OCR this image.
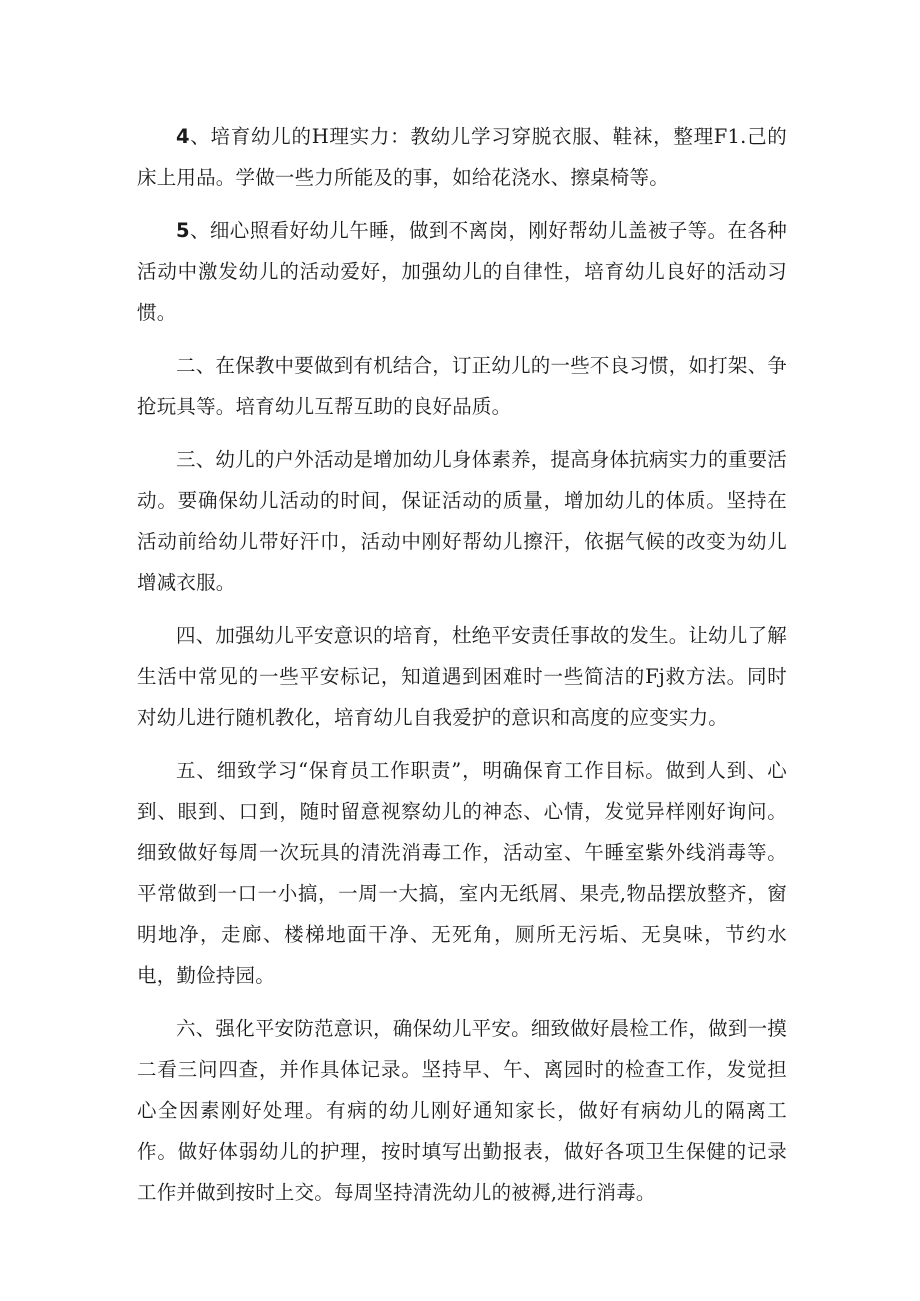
4、培育幼儿的H理实力：教幼儿学习穿脱衣服、鞋袜，整理F1.己的床上用品。学做一些力所能及的事，如给花浇水、擦桌椅等。

5、细心照看好幼儿午睡，做到不离岗，刚好帮幼儿盖被子等。在各种活动中激发幼儿的活动爱好，加强幼儿的自律性，培育幼儿良好的活动习惯。

二、在保教中要做到有机结合，订正幼儿的一些不良习惯，如打架、争抢玩具等。培育幼儿互帮互助的良好品质。

三、幼儿的户外活动是增加幼儿身体素养，提高身体抗病实力的重要活动。要确保幼儿活动的时间，保证活动的质量，增加幼儿的体质。坚持在活动前给幼儿带好汗巾，活动中刚好帮幼儿擦汗，依据气候的改变为幼儿增减衣服。

四、加强幼儿平安意识的培育，杜绝平安责任事故的发生。让幼儿了解生活中常见的一些平安标记，知道遇到困难时一些简洁的Fj救方法。同时对幼儿进行随机教化，培育幼儿自我爱护的意识和高度的应变实力。

五、细致学习“保育员工作职责”，明确保育工作目标。做到人到、心到、眼到、口到，随时留意视察幼儿的神态、心情，发觉异样刚好询问。细致做好每周一次玩具的清洗消毒工作，活动室、午睡室紫外线消毒等。平常做到一口一小搞，一周一大搞，室内无纸屑、果壳,物品摆放整齐，窗明地净，走廊、楼梯地面干净、无死角，厕所无污垢、无臭味，节约水电，勤俭持园。

六、强化平安防范意识，确保幼儿平安。细致做好晨检工作，做到一摸二看三问四查，并作具体记录。坚持早、午、离园时的检查工作，发觉担心全因素刚好处理。有病的幼儿刚好通知家长，做好有病幼儿的隔离工作。做好体弱幼儿的护理，按时填写出勤报表，做好各项卫生保健的记录工作并做到按时上交。每周坚持清洗幼儿的被褥,进行消毒。
